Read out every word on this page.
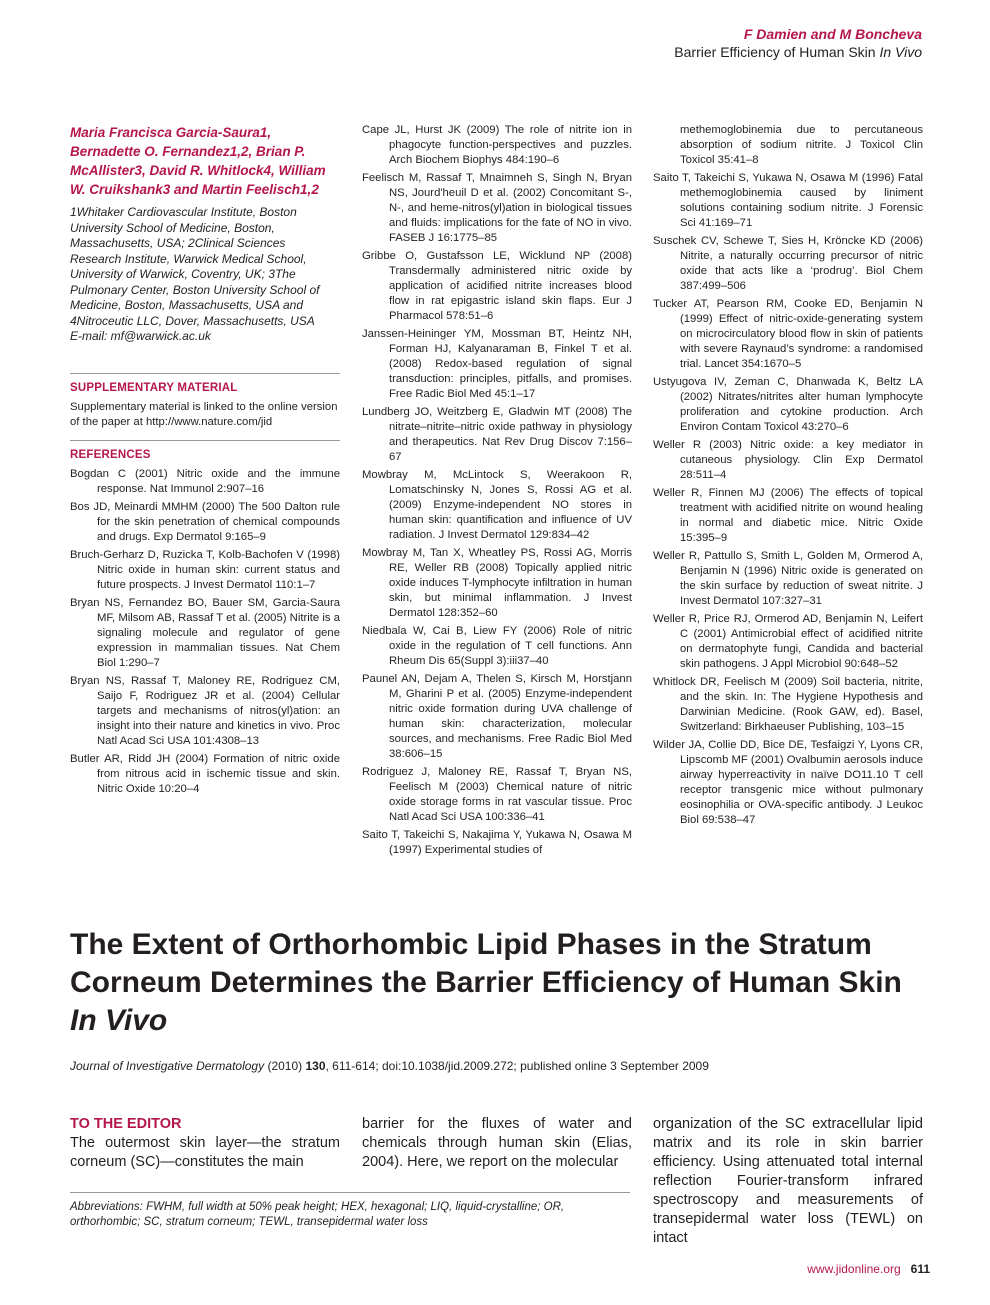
F Damien and M Boncheva
Barrier Efficiency of Human Skin In Vivo
Maria Francisca Garcia-Saura1, Bernadette O. Fernandez1,2, Brian P. McAllister3, David R. Whitlock4, William W. Cruikshank3 and Martin Feelisch1,2
1Whitaker Cardiovascular Institute, Boston University School of Medicine, Boston, Massachusetts, USA; 2Clinical Sciences Research Institute, Warwick Medical School, University of Warwick, Coventry, UK; 3The Pulmonary Center, Boston University School of Medicine, Boston, Massachusetts, USA and 4Nitroceutic LLC, Dover, Massachusetts, USA
E-mail: mf@warwick.ac.uk
SUPPLEMENTARY MATERIAL
Supplementary material is linked to the online version of the paper at http://www.nature.com/jid
REFERENCES
Bogdan C (2001) Nitric oxide and the immune response. Nat Immunol 2:907–16
Bos JD, Meinardi MMHM (2000) The 500 Dalton rule for the skin penetration of chemical compounds and drugs. Exp Dermatol 9:165–9
Bruch-Gerharz D, Ruzicka T, Kolb-Bachofen V (1998) Nitric oxide in human skin: current status and future prospects. J Invest Dermatol 110:1–7
Bryan NS, Fernandez BO, Bauer SM, Garcia-Saura MF, Milsom AB, Rassaf T et al. (2005) Nitrite is a signaling molecule and regulator of gene expression in mammalian tissues. Nat Chem Biol 1:290–7
Bryan NS, Rassaf T, Maloney RE, Rodriguez CM, Saijo F, Rodriguez JR et al. (2004) Cellular targets and mechanisms of nitros(yl)ation: an insight into their nature and kinetics in vivo. Proc Natl Acad Sci USA 101:4308–13
Butler AR, Ridd JH (2004) Formation of nitric oxide from nitrous acid in ischemic tissue and skin. Nitric Oxide 10:20–4
Cape JL, Hurst JK (2009) The role of nitrite ion in phagocyte function-perspectives and puzzles. Arch Biochem Biophys 484:190–6
Feelisch M, Rassaf T, Mnaimneh S, Singh N, Bryan NS, Jourd'heuil D et al. (2002) Concomitant S-, N-, and heme-nitros(yl)ation in biological tissues and fluids: implications for the fate of NO in vivo. FASEB J 16:1775–85
Gribbe O, Gustafsson LE, Wicklund NP (2008) Transdermally administered nitric oxide by application of acidified nitrite increases blood flow in rat epigastric island skin flaps. Eur J Pharmacol 578:51–6
Janssen-Heininger YM, Mossman BT, Heintz NH, Forman HJ, Kalyanaraman B, Finkel T et al. (2008) Redox-based regulation of signal transduction: principles, pitfalls, and promises. Free Radic Biol Med 45:1–17
Lundberg JO, Weitzberg E, Gladwin MT (2008) The nitrate–nitrite–nitric oxide pathway in physiology and therapeutics. Nat Rev Drug Discov 7:156–67
Mowbray M, McLintock S, Weerakoon R, Lomatschinsky N, Jones S, Rossi AG et al. (2009) Enzyme-independent NO stores in human skin: quantification and influence of UV radiation. J Invest Dermatol 129:834–42
Mowbray M, Tan X, Wheatley PS, Rossi AG, Morris RE, Weller RB (2008) Topically applied nitric oxide induces T-lymphocyte infiltration in human skin, but minimal inflammation. J Invest Dermatol 128:352–60
Niedbala W, Cai B, Liew FY (2006) Role of nitric oxide in the regulation of T cell functions. Ann Rheum Dis 65(Suppl 3):iii37–40
Paunel AN, Dejam A, Thelen S, Kirsch M, Horstjann M, Gharini P et al. (2005) Enzyme-independent nitric oxide formation during UVA challenge of human skin: characterization, molecular sources, and mechanisms. Free Radic Biol Med 38:606–15
Rodriguez J, Maloney RE, Rassaf T, Bryan NS, Feelisch M (2003) Chemical nature of nitric oxide storage forms in rat vascular tissue. Proc Natl Acad Sci USA 100:336–41
Saito T, Takeichi S, Nakajima Y, Yukawa N, Osawa M (1997) Experimental studies of
methemoglobinemia due to percutaneous absorption of sodium nitrite. J Toxicol Clin Toxicol 35:41–8
Saito T, Takeichi S, Yukawa N, Osawa M (1996) Fatal methemoglobinemia caused by liniment solutions containing sodium nitrite. J Forensic Sci 41:169–71
Suschek CV, Schewe T, Sies H, Kröncke KD (2006) Nitrite, a naturally occurring precursor of nitric oxide that acts like a ‘prodrug’. Biol Chem 387:499–506
Tucker AT, Pearson RM, Cooke ED, Benjamin N (1999) Effect of nitric-oxide-generating system on microcirculatory blood flow in skin of patients with severe Raynaud’s syndrome: a randomised trial. Lancet 354:1670–5
Ustyugova IV, Zeman C, Dhanwada K, Beltz LA (2002) Nitrates/nitrites alter human lymphocyte proliferation and cytokine production. Arch Environ Contam Toxicol 43:270–6
Weller R (2003) Nitric oxide: a key mediator in cutaneous physiology. Clin Exp Dermatol 28:511–4
Weller R, Finnen MJ (2006) The effects of topical treatment with acidified nitrite on wound healing in normal and diabetic mice. Nitric Oxide 15:395–9
Weller R, Pattullo S, Smith L, Golden M, Ormerod A, Benjamin N (1996) Nitric oxide is generated on the skin surface by reduction of sweat nitrite. J Invest Dermatol 107:327–31
Weller R, Price RJ, Ormerod AD, Benjamin N, Leifert C (2001) Antimicrobial effect of acidified nitrite on dermatophyte fungi, Candida and bacterial skin pathogens. J Appl Microbiol 90:648–52
Whitlock DR, Feelisch M (2009) Soil bacteria, nitrite, and the skin. In: The Hygiene Hypothesis and Darwinian Medicine. (Rook GAW, ed). Basel, Switzerland: Birkhaeuser Publishing, 103–15
Wilder JA, Collie DD, Bice DE, Tesfaigzi Y, Lyons CR, Lipscomb MF (2001) Ovalbumin aerosols induce airway hyperreactivity in naïve DO11.10 T cell receptor transgenic mice without pulmonary eosinophilia or OVA-specific antibody. J Leukoc Biol 69:538–47
The Extent of Orthorhombic Lipid Phases in the Stratum Corneum Determines the Barrier Efficiency of Human Skin
In Vivo
Journal of Investigative Dermatology (2010) 130, 611-614; doi:10.1038/jid.2009.272; published online 3 September 2009
TO THE EDITOR
The outermost skin layer—the stratum corneum (SC)—constitutes the main
barrier for the fluxes of water and chemicals through human skin (Elias, 2004). Here, we report on the molecular
organization of the SC extracellular lipid matrix and its role in skin barrier efficiency. Using attenuated total internal reflection Fourier-transform infrared spectroscopy and measurements of transepidermal water loss (TEWL) on intact
Abbreviations: FWHM, full width at 50% peak height; HEX, hexagonal; LIQ, liquid-crystalline; OR, orthorhombic; SC, stratum corneum; TEWL, transepidermal water loss
www.jidonline.org 611
